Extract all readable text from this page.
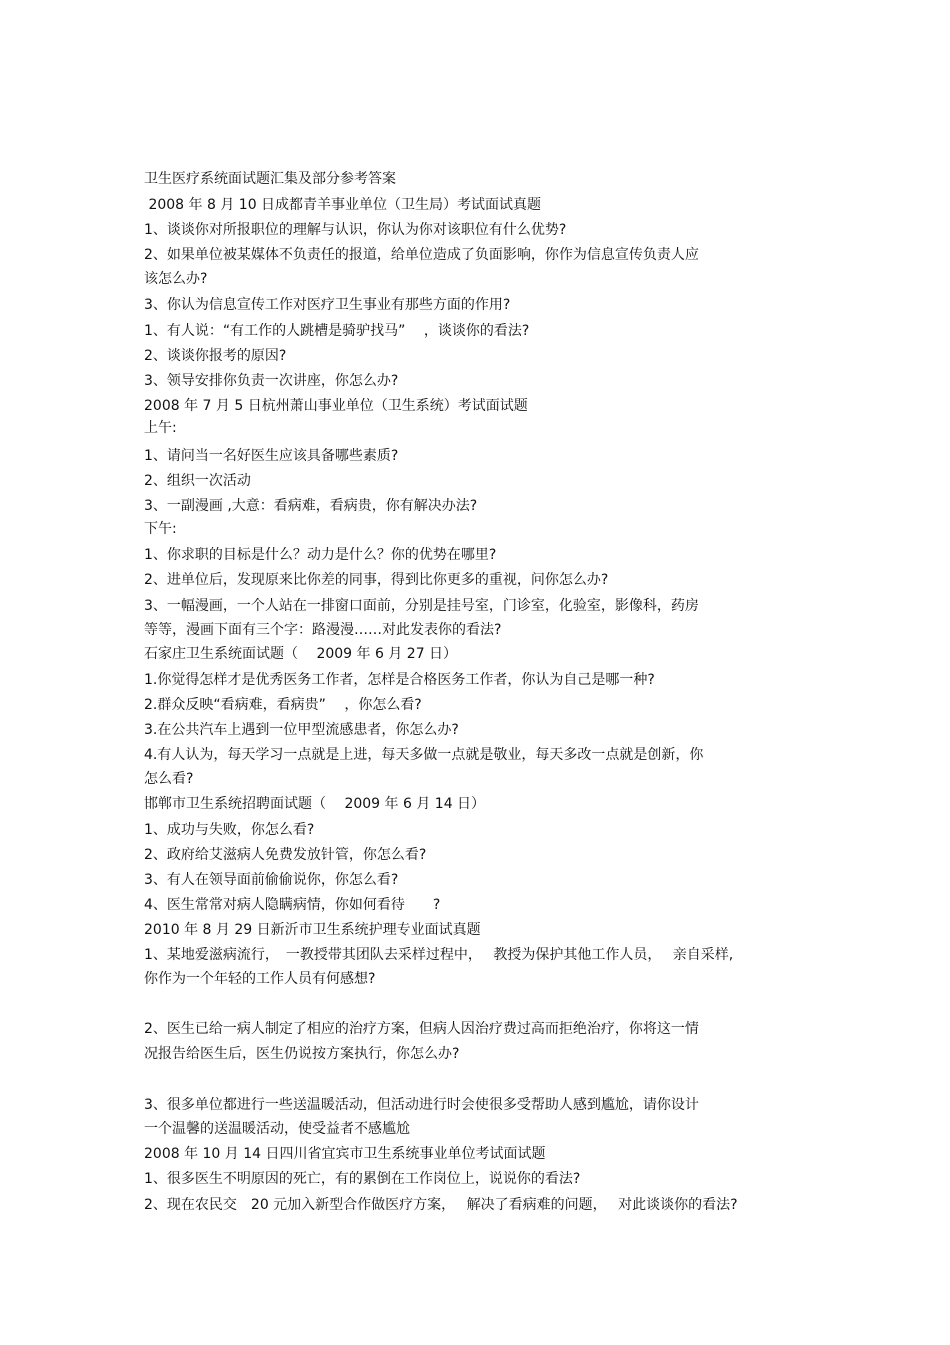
卫生医疗系统面试题汇集及部分参考答案
2008 年 8 月 10 日成都青羊事业单位（卫生局）考试面试真题
1、谈谈你对所报职位的理解与认识，你认为你对该职位有什么优势?
2、如果单位被某媒体不负责任的报道，给单位造成了负面影响，你作为信息宣传负责人应
该怎么办?
3、你认为信息宣传工作对医疗卫生事业有那些方面的作用?
1、有人说：“有工作的人跳槽是骑驴找马”　 ，谈谈你的看法?
2、谈谈你报考的原因?
3、领导安排你负责一次讲座，你怎么办?
2008 年 7 月 5 日杭州萧山事业单位（卫生系统）考试面试题
上午:
1、请问当一名好医生应该具备哪些素质?
2、组织一次活动
3、一副漫画 ,大意：看病难，看病贵，你有解决办法?
下午:
1、你求职的目标是什么？动力是什么？你的优势在哪里?
2、进单位后，发现原来比你差的同事，得到比你更多的重视，问你怎么办?
3、一幅漫画，一个人站在一排窗口面前，分别是挂号室，门诊室，化验室，影像科，药房
等等，漫画下面有三个字：路漫漫……对此发表你的看法?
石家庄卫生系统面试题（　 2009 年 6 月 27 日）
1.你觉得怎样才是优秀医务工作者，怎样是合格医务工作者，你认为自己是哪一种?
2.群众反映“看病难，看病贵”　 ，你怎么看?
3.在公共汽车上遇到一位甲型流感患者，你怎么办?
4.有人认为，每天学习一点就是上进，每天多做一点就是敬业，每天多改一点就是创新，你
怎么看?
邯郸市卫生系统招聘面试题（　 2009 年 6 月 14 日）
1、成功与失败，你怎么看?
2、政府给艾滋病人免费发放针管，你怎么看?
3、有人在领导面前偷偷说你，你怎么看?
4、医生常常对病人隐瞒病情，你如何看待　　?
2010 年 8 月 29 日新沂市卫生系统护理专业面试真题
1、某地爱滋病流行，　一教授带其团队去采样过程中，　 教授为保护其他工作人员，　 亲自采样,
你作为一个年轻的工作人员有何感想?
2、医生已给一病人制定了相应的治疗方案，但病人因治疗费过高而拒绝治疗，你将这一情
况报告给医生后，医生仍说按方案执行，你怎么办?
3、很多单位都进行一些送温暖活动，但活动进行时会使很多受帮助人感到尴尬，请你设计
一个温馨的送温暖活动，使受益者不感尴尬
2008 年 10 月 14 日四川省宜宾市卫生系统事业单位考试面试题
1、很多医生不明原因的死亡，有的累倒在工作岗位上，说说你的看法?
2、现在农民交　20 元加入新型合作做医疗方案，　 解决了看病难的问题，　 对此谈谈你的看法?
